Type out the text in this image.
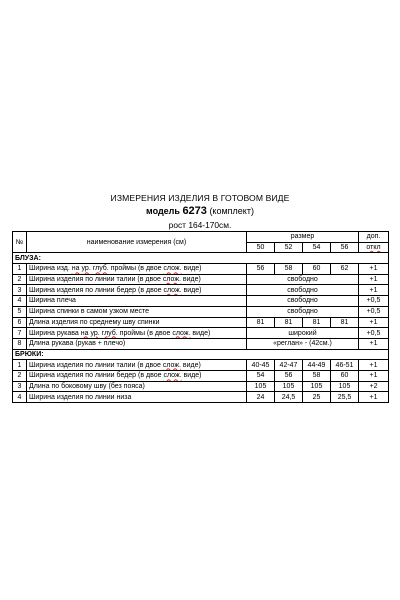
ИЗМЕРЕНИЯ ИЗДЕЛИЯ В ГОТОВОМ ВИДЕ
модель 6273 (комплект)
рост 164-170см.
№	наименование измерения (см)	размер				доп.
		50	52	54	56	откл
БЛУЗА:						
1	Ширина изд. на ур. глуб. проймы (в двое слож. виде)	56	58	60	62	+1
2	Ширина изделия по линии талии (в двое слож. виде)	свободно				+1
3	Ширина изделия по линии бедер (в двое слож. виде)	свободно				+1
4	Ширина плеча	свободно				+0,5
5	Ширина спинки в самом узком месте	свободно				+0,5
6	Длина изделия по среднему шву спинки	81	81	81	81	+1
7	Ширина рукава на ур. глуб. проймы (в двое слож. виде)	широкий				+0,5
8	Длина рукава (рукав + плечо)	«реглан» - (42см.)				+1
БРЮКИ:						
1	Ширина изделия по линии талии (в двое слож. виде)	40-45	42-47	44-49	46-51	+1
2	Ширина изделия по линии бедер (в двое слож. виде)	54	56	58	60	+1
3	Длина по боковому шву (без пояса)	105	105	105	105	+2
4	Ширина изделия по линии низа	24	24,5	25	25,5	+1
